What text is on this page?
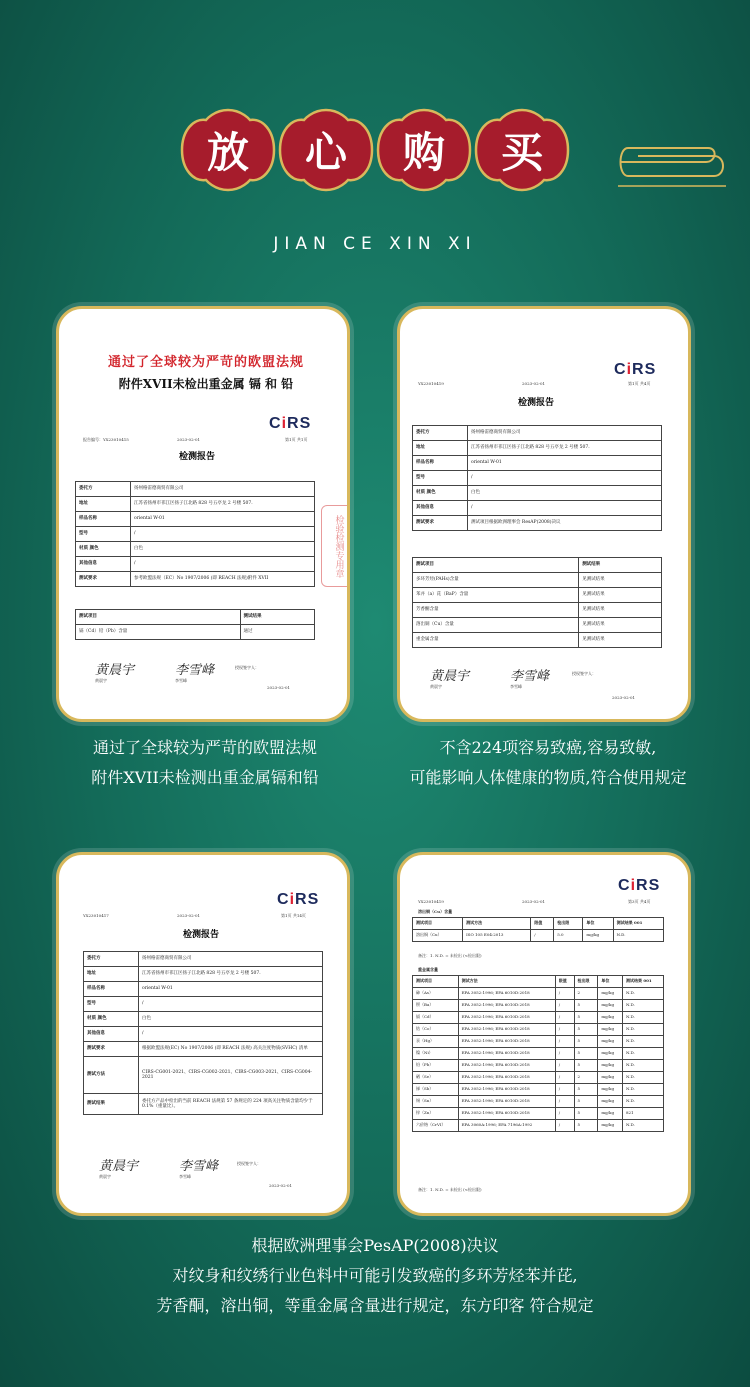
放	心	购	买
JIAN CE XIN XI
通过了全球较为严苛的欧盟法规
附件XVII未检出重金属 镉 和 铅
CiRS
报告编号：YX23010415	2023-02-01	第1页 共1页
检测报告
委托方	扬州格雷德商贸有限公司
地址	江苏省扬州市邗江区扬子江北路 828 号五亭龙 2 号楼 507.
样品名称	oriental W-01
型号	/
材质 颜色	白色
其他信息	/
测试要求	参考欧盟法规（EC）No 1907/2006 (即 REACH 法规)附件 XVII
测试项目	测试结果
镉（Cd）铅（Pb）含量	通过
检验检测专用章
黄晨宇
黄晨宇
李雪峰
李雪峰
授权签字人：
2023-02-01
CiRS
第1页 共4页
YX23010419	2023-02-01
检测报告
委托方	扬州格雷德商贸有限公司
地址	江苏省扬州市邗江区扬子江北路 828 号五亭龙 2 号楼 507.
样品名称	oriental W-01
型号	/
材质 颜色	白色
其他信息	/
测试要求	测试项目根据欧洲理事会 ResAP(2008)决议
测试项目	测试结果
多环芳烃(PAHs)含量	见测试结果
苯并（a）芘（BaP）含量	见测试结果
芳香酮含量	见测试结果
溶出铜（Cu）含量	见测试结果
重金属含量	见测试结果
黄晨宇
黄晨宇
李雪峰
李雪峰
授权签字人：
2023-02-01
通过了全球较为严苛的欧盟法规
附件XVII未检测出重金属镉和铅
不含224项容易致癌,容易致敏,
可能影响人体健康的物质,符合使用规定
CiRS
YX23010417	2023-02-01	第1页 共14页
检测报告
委托方	扬州格雷德商贸有限公司
地址	江苏省扬州市邗江区扬子江北路 828 号五亭龙 2 号楼 507.
样品名称	oriental W-01
型号	/
材质 颜色	白色
其他信息	/
测试要求	根据欧盟法规(EC) No 1907/2006 (即 REACH 法规) 高关注度物质(SVHC) 清单
测试方法	CIRS-CG001-2021、CIRS-CG002-2021、CIRS-CG003-2021、CIRS-CG004-2021
测试结果	委托方产品中检出的当前 REACH 法规第 57 条规定的 224 项高关注物质含量均少于 0.1%（重量比）。
黄晨宇
黄晨宇
李雪峰
李雪峰
授权签字人：
2023-02-01
CiRS
YX23010419	2023-02-01	第3页 共4页
溶出铜（Cu）含量
测试项目	测试方法	限值	检出限	单位	测试结果 001
溶出铜（Cu）	ISO 105 E04:2013	/	5.0	mg/kg	N.D.
备注：1. N.D. = 未检出 (<检出限)
重金属含量
测试项目	测试方法	限值	检出限	单位	测试结果 001
砷（As）	EPA 3052:1996; EPA 6010D:2018	/	2	mg/kg	N.D.
钡（Ba）	EPA 3052:1996; EPA 6010D:2018	/	5	mg/kg	N.D.
镉（Cd）	EPA 3052:1996; EPA 6010D:2018	/	5	mg/kg	N.D.
钴（Co）	EPA 3052:1996; EPA 6010D:2018	/	5	mg/kg	N.D.
汞（Hg）	EPA 3052:1996; EPA 6010D:2018	/	5	mg/kg	N.D.
镍（Ni）	EPA 3052:1996; EPA 6010D:2018	/	5	mg/kg	N.D.
铅（Pb）	EPA 3052:1996; EPA 6010D:2018	/	5	mg/kg	N.D.
硒（Se）	EPA 3052:1996; EPA 6010D:2018	/	2	mg/kg	N.D.
锑（Sb）	EPA 3052:1996; EPA 6010D:2018	/	5	mg/kg	N.D.
锡（Sn）	EPA 3052:1996; EPA 6010D:2018	/	5	mg/kg	N.D.
锌（Zn）	EPA 3052:1996; EPA 6010D:2018	/	5	mg/kg	821
六价铬（CrVI）	EPA 3060A:1996; EPA 7196A:1992	/	5	mg/kg	N.D.
备注：1. N.D. = 未检出 (<检出限)
根据欧洲理事会PesAP(2008)决议
对纹身和纹绣行业色料中可能引发致癌的多环芳烃苯并芘,
芳香酮，溶出铜，等重金属含量进行规定，东方印客 符合规定
